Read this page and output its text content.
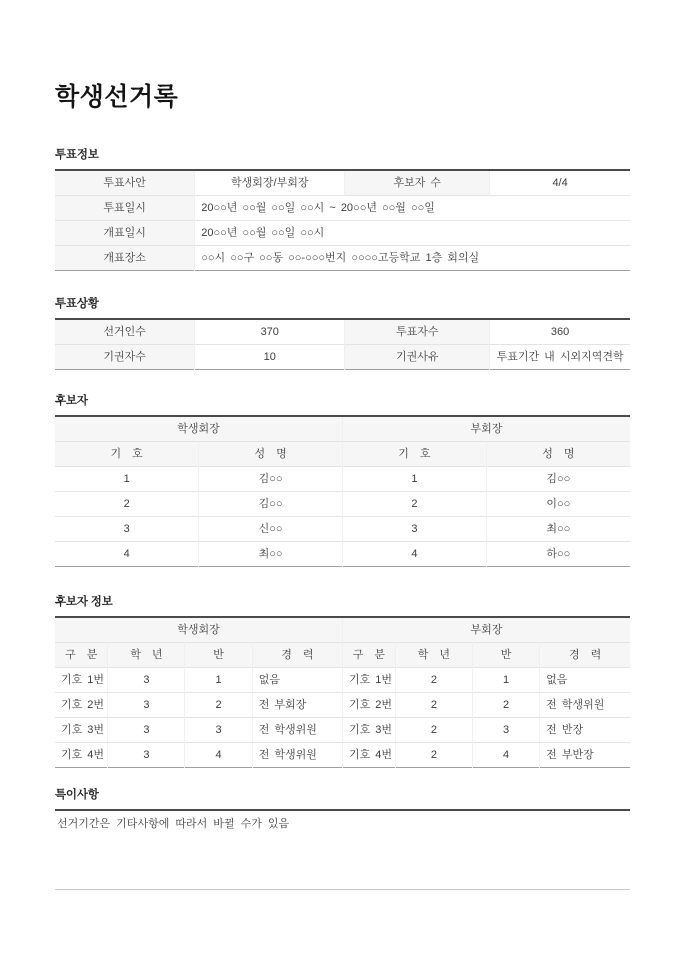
학생선거록
투표정보
투표사안	학생회장/부회장	후보자 수	4/4
투표일시	20○○년 ○○월 ○○일 ○○시 ~ 20○○년 ○○월 ○○일		
개표일시	20○○년 ○○월 ○○일 ○○시		
개표장소	○○시 ○○구 ○○동 ○○-○○○번지 ○○○○고등학교 1층 회의실		
투표상황
선거인수	370	투표자수	360
기권자수	10	기권사유	투표기간 내 시외지역견학
후보자
학생회장		부회장	
기　호	성　명	기　호	성　명
1	김○○	1	김○○
2	김○○	2	이○○
3	신○○	3	최○○
4	최○○	4	하○○
후보자 정보
학생회장				부회장			
구　분	학　년	반	경　력	구　분	학　년	반	경　력
기호 1번	3	1	없음	기호 1번	2	1	없음
기호 2번	3	2	전 부회장	기호 2번	2	2	전 학생위원
기호 3번	3	3	전 학생위원	기호 3번	2	3	전 반장
기호 4번	3	4	전 학생위원	기호 4번	2	4	전 부반장
특이사항
선거기간은 기타사항에 따라서 바뀔 수가 있음
